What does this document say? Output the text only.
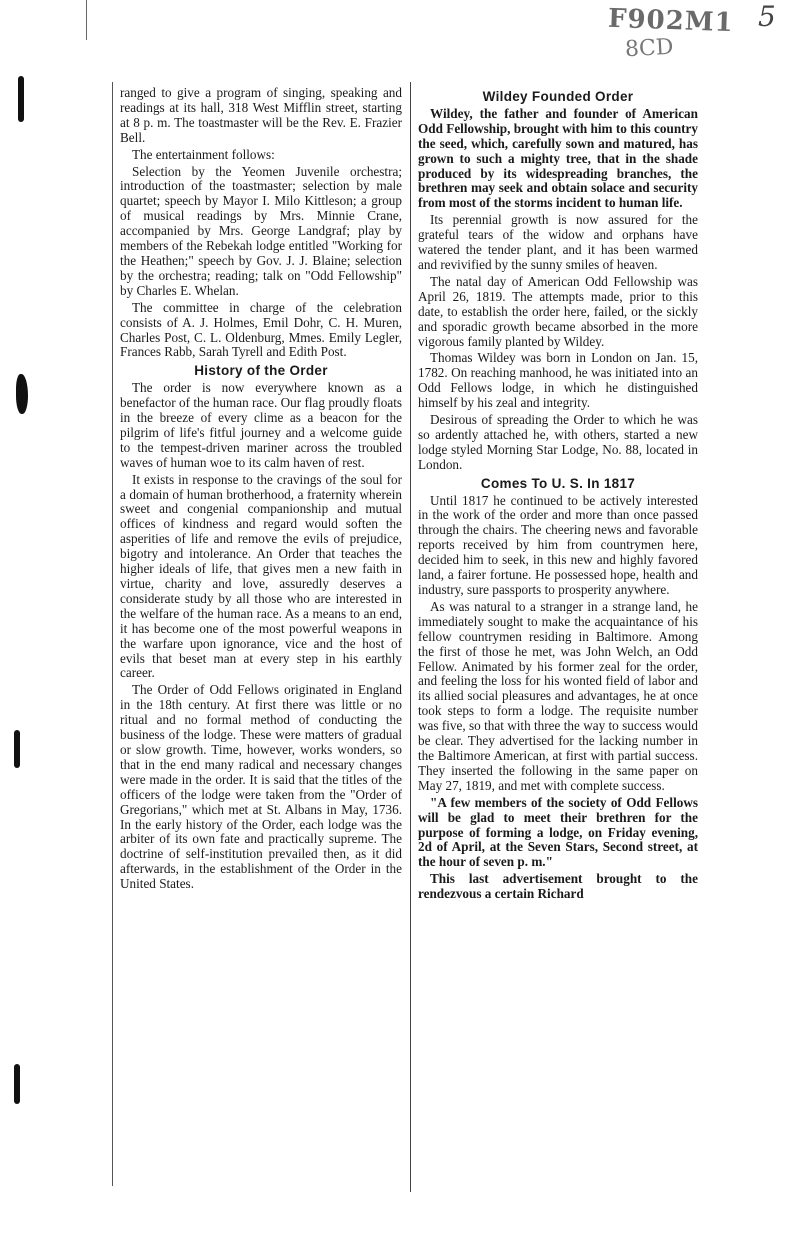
F902M1
8CD
5

ranged to give a program of singing, speaking and readings at its hall, 318 West Mifflin street, starting at 8 p. m. The toastmaster will be the Rev. E. Frazier Bell.

The entertainment follows:

Selection by the Yeomen Juvenile orchestra; introduction of the toastmaster; selection by male quartet; speech by Mayor I. Milo Kittleson; a group of musical readings by Mrs. Minnie Crane, accompanied by Mrs. George Landgraf; play by members of the Rebekah lodge entitled "Working for the Heathen;" speech by Gov. J. J. Blaine; selection by the orchestra; reading; talk on "Odd Fellowship" by Charles E. Whelan.

The committee in charge of the celebration consists of A. J. Holmes, Emil Dohr, C. H. Muren, Charles Post, C. L. Oldenburg, Mmes. Emily Legler, Frances Rabb, Sarah Tyrell and Edith Post.

History of the Order

The order is now everywhere known as a benefactor of the human race. Our flag proudly floats in the breeze of every clime as a beacon for the pilgrim of life's fitful journey and a welcome guide to the tempest-driven mariner across the troubled waves of human woe to its calm haven of rest.

It exists in response to the cravings of the soul for a domain of human brotherhood, a fraternity wherein sweet and congenial companionship and mutual offices of kindness and regard would soften the asperities of life and remove the evils of prejudice, bigotry and intolerance. An Order that teaches the higher ideals of life, that gives men a new faith in virtue, charity and love, assuredly deserves a considerate study by all those who are interested in the welfare of the human race. As a means to an end, it has become one of the most powerful weapons in the warfare upon ignorance, vice and the host of evils that beset man at every step in his earthly career.

The Order of Odd Fellows originated in England in the 18th century. At first there was little or no ritual and no formal method of conducting the business of the lodge. These were matters of gradual or slow growth. Time, however, works wonders, so that in the end many radical and necessary changes were made in the order. It is said that the titles of the officers of the lodge were taken from the "Order of Gregorians," which met at St. Albans in May, 1736. In the early history of the Order, each lodge was the arbiter of its own fate and practically supreme. The doctrine of self-institution prevailed then, as it did afterwards, in the establishment of the Order in the United States.

Wildey Founded Order

Wildey, the father and founder of American Odd Fellowship, brought with him to this country the seed, which, carefully sown and matured, has grown to such a mighty tree, that in the shade produced by its widespreading branches, the brethren may seek and obtain solace and security from most of the storms incident to human life.

Its perennial growth is now assured for the grateful tears of the widow and orphans have watered the tender plant, and it has been warmed and revivified by the sunny smiles of heaven.

The natal day of American Odd Fellowship was April 26, 1819. The attempts made, prior to this date, to establish the order here, failed, or the sickly and sporadic growth became absorbed in the more vigorous family planted by Wildey.

Thomas Wildey was born in London on Jan. 15, 1782. On reaching manhood, he was initiated into an Odd Fellows lodge, in which he distinguished himself by his zeal and integrity.

Desirous of spreading the Order to which he was so ardently attached he, with others, started a new lodge styled Morning Star Lodge, No. 88, located in London.

Comes To U. S. In 1817

Until 1817 he continued to be actively interested in the work of the order and more than once passed through the chairs. The cheering news and favorable reports received by him from countrymen here, decided him to seek, in this new and highly favored land, a fairer fortune. He possessed hope, health and industry, sure passports to prosperity anywhere.

As was natural to a stranger in a strange land, he immediately sought to make the acquaintance of his fellow countrymen residing in Baltimore. Among the first of those he met, was John Welch, an Odd Fellow. Animated by his former zeal for the order, and feeling the loss for his wonted field of labor and its allied social pleasures and advantages, he at once took steps to form a lodge. The requisite number was five, so that with three the way to success would be clear. They advertised for the lacking number in the Baltimore American, at first with partial success. They inserted the following in the same paper on May 27, 1819, and met with complete success.

"A few members of the society of Odd Fellows will be glad to meet their brethren for the purpose of forming a lodge, on Friday evening, 2d of April, at the Seven Stars, Second street, at the hour of seven p. m."

This last advertisement brought to the rendezvous a certain Richard
